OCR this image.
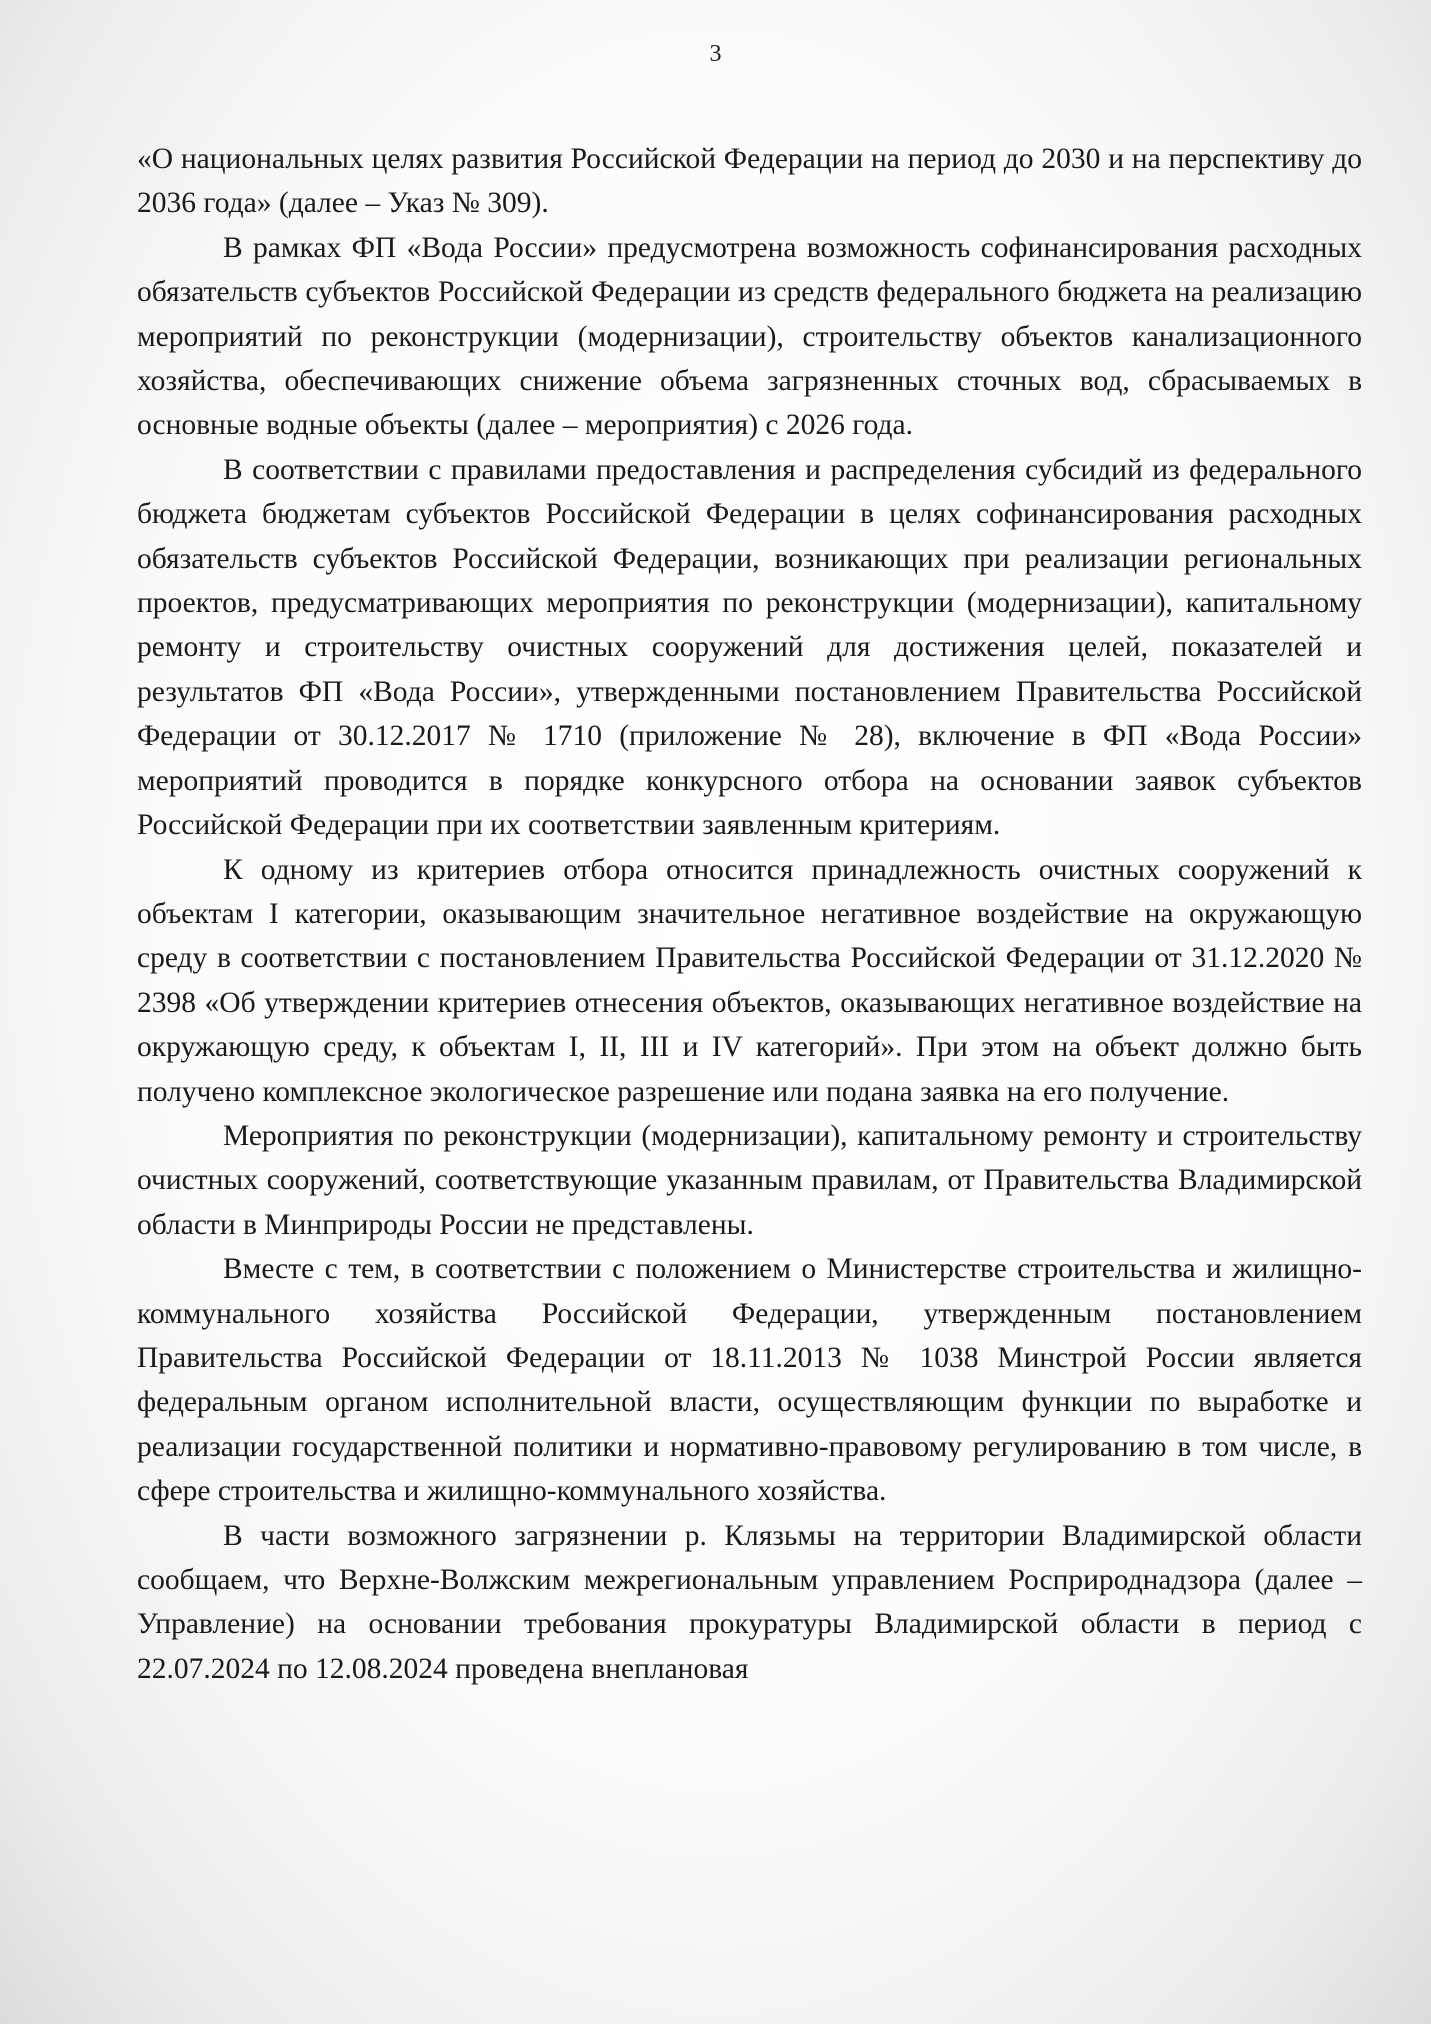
3

«О национальных целях развития Российской Федерации на период до 2030 и на перспективу до 2036 года» (далее – Указ № 309).

В рамках ФП «Вода России» предусмотрена возможность софинансирования расходных обязательств субъектов Российской Федерации из средств федерального бюджета на реализацию мероприятий по реконструкции (модернизации), строительству объектов канализационного хозяйства, обеспечивающих снижение объема загрязненных сточных вод, сбрасываемых в основные водные объекты (далее – мероприятия) с 2026 года.

В соответствии с правилами предоставления и распределения субсидий из федерального бюджета бюджетам субъектов Российской Федерации в целях софинансирования расходных обязательств субъектов Российской Федерации, возникающих при реализации региональных проектов, предусматривающих мероприятия по реконструкции (модернизации), капитальному ремонту и строительству очистных сооружений для достижения целей, показателей и результатов ФП «Вода России», утвержденными постановлением Правительства Российской Федерации от 30.12.2017 № 1710 (приложение № 28), включение в ФП «Вода России» мероприятий проводится в порядке конкурсного отбора на основании заявок субъектов Российской Федерации при их соответствии заявленным критериям.

К одному из критериев отбора относится принадлежность очистных сооружений к объектам I категории, оказывающим значительное негативное воздействие на окружающую среду в соответствии с постановлением Правительства Российской Федерации от 31.12.2020 № 2398 «Об утверждении критериев отнесения объектов, оказывающих негативное воздействие на окружающую среду, к объектам I, II, III и IV категорий». При этом на объект должно быть получено комплексное экологическое разрешение или подана заявка на его получение.

Мероприятия по реконструкции (модернизации), капитальному ремонту и строительству очистных сооружений, соответствующие указанным правилам, от Правительства Владимирской области в Минприроды России не представлены.

Вместе с тем, в соответствии с положением о Министерстве строительства и жилищно-коммунального хозяйства Российской Федерации, утвержденным постановлением Правительства Российской Федерации от 18.11.2013 № 1038 Минстрой России является федеральным органом исполнительной власти, осуществляющим функции по выработке и реализации государственной политики и нормативно-правовому регулированию в том числе, в сфере строительства и жилищно-коммунального хозяйства.

В части возможного загрязнении р. Клязьмы на территории Владимирской области сообщаем, что Верхне-Волжским межрегиональным управлением Росприроднадзора (далее – Управление) на основании требования прокуратуры Владимирской области в период с 22.07.2024 по 12.08.2024 проведена внеплановая
